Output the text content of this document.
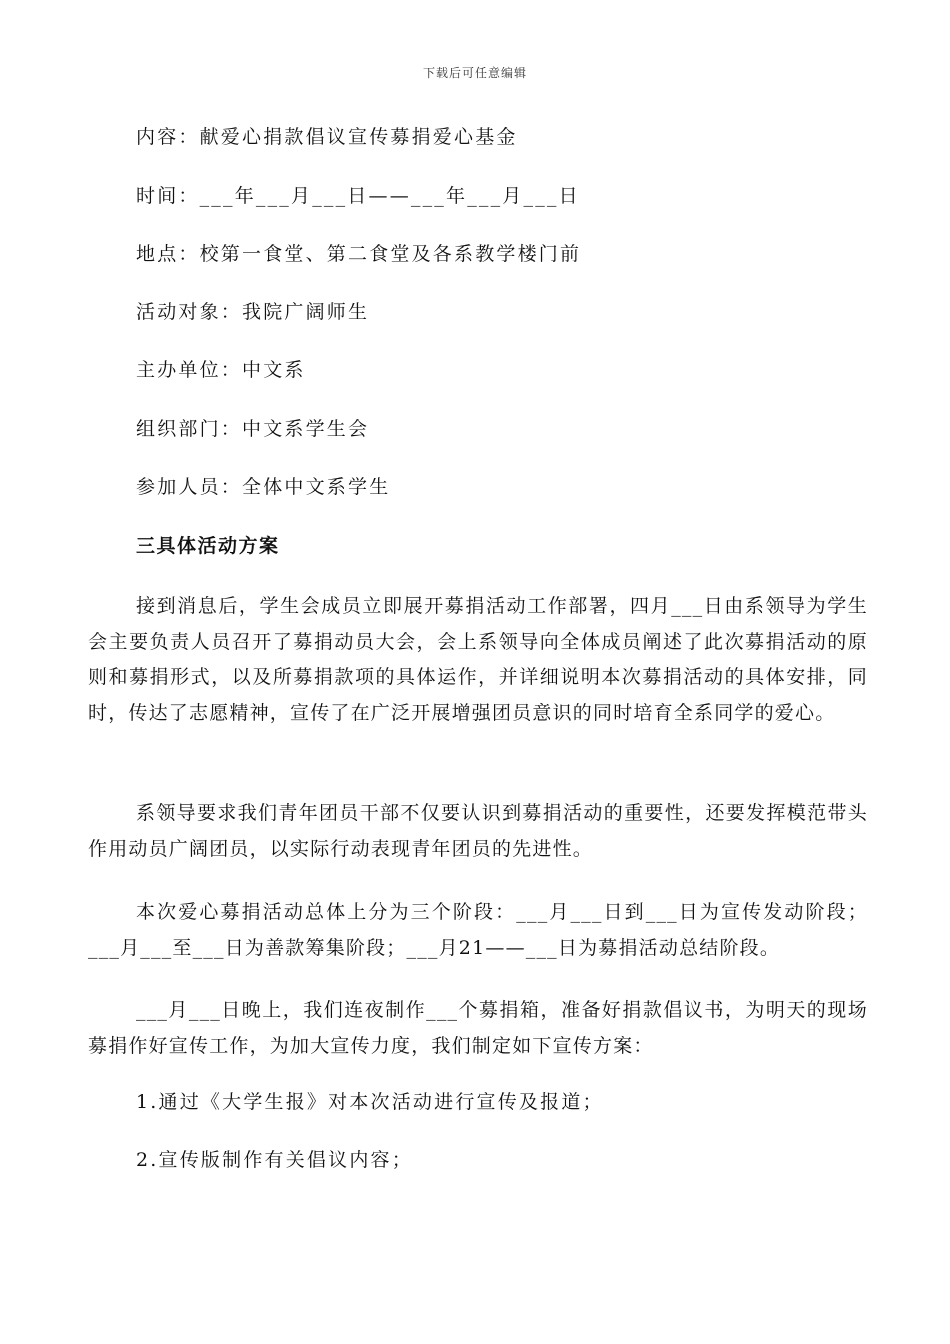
下载后可任意编辑
内容：献爱心捐款倡议宣传募捐爱心基金
时间：___年___月___日——___年___月___日
地点：校第一食堂、第二食堂及各系教学楼门前
活动对象：我院广阔师生
主办单位：中文系
组织部门：中文系学生会
参加人员：全体中文系学生
三具体活动方案

接到消息后，学生会成员立即展开募捐活动工作部署，四月___日由系领导为学生会主要负责人员召开了募捐动员大会，会上系领导向全体成员阐述了此次募捐活动的原则和募捐形式，以及所募捐款项的具体运作，并详细说明本次募捐活动的具体安排，同时，传达了志愿精神，宣传了在广泛开展增强团员意识的同时培育全系同学的爱心。

系领导要求我们青年团员干部不仅要认识到募捐活动的重要性，还要发挥模范带头作用动员广阔团员，以实际行动表现青年团员的先进性。

本次爱心募捐活动总体上分为三个阶段：___月___日到___日为宣传发动阶段；___月___至___日为善款筹集阶段；___月21——___日为募捐活动总结阶段。

___月___日晚上，我们连夜制作___个募捐箱，准备好捐款倡议书，为明天的现场募捐作好宣传工作，为加大宣传力度，我们制定如下宣传方案：

1.通过《大学生报》对本次活动进行宣传及报道；
2.宣传版制作有关倡议内容；
